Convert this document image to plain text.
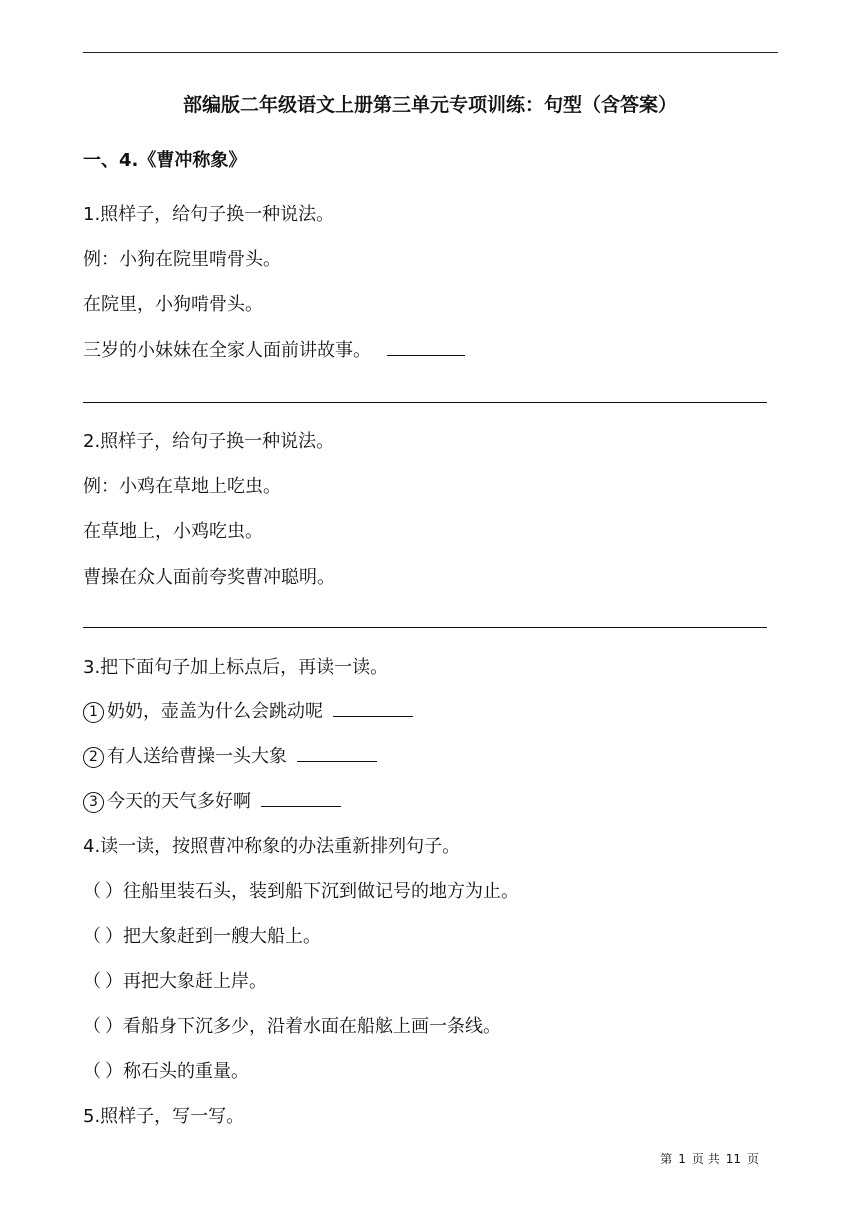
部编版二年级语文上册第三单元专项训练：句型（含答案）
一、4.《曹冲称象》
1.照样子，给句子换一种说法。
例：小狗在院里啃骨头。
在院里，小狗啃骨头。
三岁的小妹妹在全家人面前讲故事。
2.照样子，给句子换一种说法。
例：小鸡在草地上吃虫。
在草地上，小鸡吃虫。
曹操在众人面前夸奖曹冲聪明。
3.把下面句子加上标点后，再读一读。
1 奶奶，壶盖为什么会跳动呢
2 有人送给曹操一头大象
3 今天的天气多好啊
4.读一读，按照曹冲称象的办法重新排列句子。
（ ）往船里装石头，装到船下沉到做记号的地方为止。
（ ）把大象赶到一艘大船上。
（ ）再把大象赶上岸。
（ ）看船身下沉多少，沿着水面在船舷上画一条线。
（ ）称石头的重量。
5.照样子，写一写。
第 1 页 共 11 页
